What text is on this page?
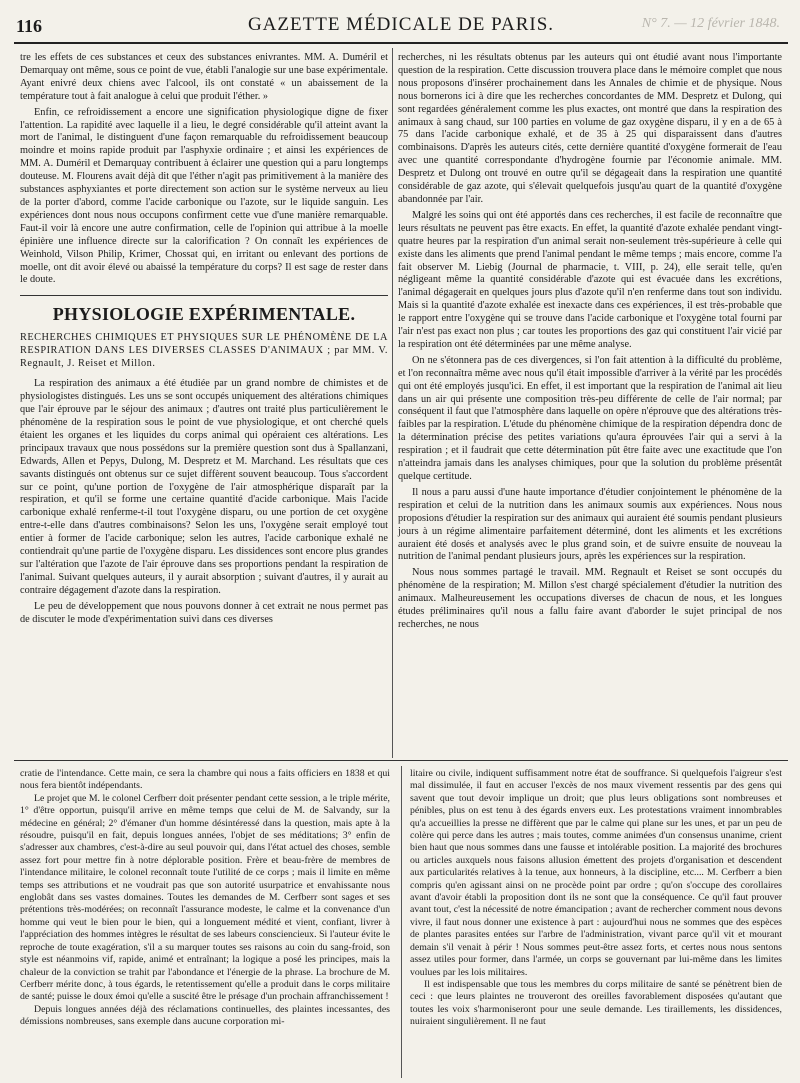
116	GAZETTE MÉDICALE DE PARIS.	N° 7. — 12 février 1848.

tre les effets de ces substances et ceux des substances enivrantes. MM. A. Duméril et Demarquay ont même, sous ce point de vue, établi l'analogie sur une base expérimentale. Ayant enivré deux chiens avec l'alcool, ils ont constaté « un abaissement de la température tout à fait analogue à celui que produit l'éther. »

Enfin, ce refroidissement a encore une signification physiologique digne de fixer l'attention. La rapidité avec laquelle il a lieu, le degré considérable qu'il atteint avant la mort de l'animal, le distinguent d'une façon remarquable du refroidissement beaucoup moindre et moins rapide produit par l'asphyxie ordinaire ; et ainsi les expériences de MM. A. Duméril et Demarquay contribuent à éclairer une question qui a paru longtemps douteuse. M. Flourens avait déjà dit que l'éther n'agit pas primitivement à la manière des substances asphyxiantes et porte directement son action sur le système nerveux au lieu de la porter d'abord, comme l'acide carbonique ou l'azote, sur le liquide sanguin. Les expériences dont nous nous occupons confirment cette vue d'une manière remarquable. Faut-il voir là encore une autre confirmation, celle de l'opinion qui attribue à la moelle épinière une influence directe sur la calorification ? On connaît les expériences de Weinhold, Vilson Philip, Krimer, Chossat qui, en irritant ou enlevant des portions de moelle, ont dit avoir élevé ou abaissé la température du corps? Il est sage de rester dans le doute.

PHYSIOLOGIE EXPÉRIMENTALE.

RECHERCHES CHIMIQUES ET PHYSIQUES SUR LE PHÉNOMÈNE DE LA RESPIRATION DANS LES DIVERSES CLASSES D'ANIMAUX ; par MM. V. Regnault, J. Reiset et Millon.

La respiration des animaux a été étudiée par un grand nombre de chimistes et de physiologistes distingués. Les uns se sont occupés uniquement des altérations chimiques que l'air éprouve par le séjour des animaux ; d'autres ont traité plus particulièrement le phénomène de la respiration sous le point de vue physiologique, et ont cherché quels étaient les organes et les liquides du corps animal qui opéraient ces altérations. Les principaux travaux que nous possédons sur la première question sont dus à Spallanzani, Edwards, Allen et Pepys, Dulong, M. Despretz et M. Marchand. Les résultats que ces savants distingués ont obtenus sur ce sujet diffèrent souvent beaucoup. Tous s'accordent sur ce point, qu'une portion de l'oxygène de l'air atmosphérique disparaît par la respiration, et qu'il se forme une certaine quantité d'acide carbonique. Mais l'acide carbonique exhalé renferme-t-il tout l'oxygène disparu, ou une portion de cet oxygène entre-t-elle dans d'autres combinaisons? Selon les uns, l'oxygène serait employé tout entier à former de l'acide carbonique; selon les autres, l'acide carbonique exhalé ne contiendrait qu'une partie de l'oxygène disparu. Les dissidences sont encore plus grandes sur l'altération que l'azote de l'air éprouve dans ses proportions pendant la respiration de l'animal. Suivant quelques auteurs, il y aurait absorption ; suivant d'autres, il y aurait au contraire dégagement d'azote dans la respiration.

Le peu de développement que nous pouvons donner à cet extrait ne nous permet pas de discuter le mode d'expérimentation suivi dans ces diverses

recherches, ni les résultats obtenus par les auteurs qui ont étudié avant nous l'importante question de la respiration. Cette discussion trouvera place dans le mémoire complet que nous nous proposons d'insérer prochainement dans les Annales de chimie et de physique. Nous nous bornerons ici à dire que les recherches concordantes de MM. Despretz et Dulong, qui sont regardées généralement comme les plus exactes, ont montré que dans la respiration des animaux à sang chaud, sur 100 parties en volume de gaz oxygène disparu, il y en a de 65 à 75 dans l'acide carbonique exhalé, et de 35 à 25 qui disparaissent dans d'autres combinaisons. D'après les auteurs cités, cette dernière quantité d'oxygène formerait de l'eau avec une quantité correspondante d'hydrogène fournie par l'économie animale. MM. Despretz et Dulong ont trouvé en outre qu'il se dégageait dans la respiration une quantité considérable de gaz azote, qui s'élevait quelquefois jusqu'au quart de la quantité d'oxygène abandonnée par l'air.

Malgré les soins qui ont été apportés dans ces recherches, il est facile de reconnaître que leurs résultats ne peuvent pas être exacts. En effet, la quantité d'azote exhalée pendant vingt-quatre heures par la respiration d'un animal serait non-seulement très-supérieure à celle qui existe dans les aliments que prend l'animal pendant le même temps ; mais encore, comme l'a fait observer M. Liebig (Journal de pharmacie, t. VIII, p. 24), elle serait telle, qu'en négligeant même la quantité considérable d'azote qui est évacuée dans les excrétions, l'animal dégagerait en quelques jours plus d'azote qu'il n'en renferme dans tout son individu. Mais si la quantité d'azote exhalée est inexacte dans ces expériences, il est très-probable que le rapport entre l'oxygène qui se trouve dans l'acide carbonique et l'oxygène total fourni par l'air n'est pas exact non plus ; car toutes les proportions des gaz qui constituent l'air vicié par la respiration ont été déterminées par une même analyse.

On ne s'étonnera pas de ces divergences, si l'on fait attention à la difficulté du problème, et l'on reconnaîtra même avec nous qu'il était impossible d'arriver à la vérité par les procédés qui ont été employés jusqu'ici. En effet, il est important que la respiration de l'animal ait lieu dans un air qui présente une composition très-peu différente de celle de l'air normal; par conséquent il faut que l'atmosphère dans laquelle on opère n'éprouve que des altérations très-faibles par la respiration. L'étude du phénomène chimique de la respiration dépendra donc de la détermination précise des petites variations qu'aura éprouvées l'air qui a servi à la respiration ; et il faudrait que cette détermination pût être faite avec une exactitude que l'on n'atteindra jamais dans les analyses chimiques, pour que la solution du problème présentât quelque certitude.

Il nous a paru aussi d'une haute importance d'étudier conjointement le phénomène de la respiration et celui de la nutrition dans les animaux soumis aux expériences. Nous nous proposions d'étudier la respiration sur des animaux qui auraient été soumis pendant plusieurs jours à un régime alimentaire parfaitement déterminé, dont les aliments et les excrétions auraient été dosés et analysés avec le plus grand soin, et de suivre ensuite de nouveau la nutrition de l'animal pendant plusieurs jours, après les expériences sur la respiration.

Nous nous sommes partagé le travail. MM. Regnault et Reiset se sont occupés du phénomène de la respiration; M. Millon s'est chargé spécialement d'étudier la nutrition des animaux. Malheureusement les occupations diverses de chacun de nous, et les longues études préliminaires qu'il nous a fallu faire avant d'aborder le sujet principal de nos recherches, ne nous

cratie de l'intendance. Cette main, ce sera la chambre qui nous a faits officiers en 1838 et qui nous fera bientôt indépendants.

Le projet que M. le colonel Cerfberr doit présenter pendant cette session, a le triple mérite, 1° d'être opportun, puisqu'il arrive en même temps que celui de M. de Salvandy, sur la médecine en général; 2° d'émaner d'un homme désintéressé dans la question, mais apte à la résoudre, puisqu'il en fait, depuis longues années, l'objet de ses méditations; 3° enfin de s'adresser aux chambres, c'est-à-dire au seul pouvoir qui, dans l'état actuel des choses, semble assez fort pour mettre fin à notre déplorable position. Frère et beau-frère de membres de l'intendance militaire, le colonel reconnaît toute l'utilité de ce corps ; mais il limite en même temps ses attributions et ne voudrait pas que son autorité usurpatrice et envahissante nous englobât dans ses vastes domaines. Toutes les demandes de M. Cerfberr sont sages et ses prétentions très-modérées; on reconnaît l'assurance modeste, le calme et la convenance d'un homme qui veut le bien pour le bien, qui a longuement médité et vient, confiant, livrer à l'appréciation des hommes intègres le résultat de ses labeurs consciencieux. Si l'auteur évite le reproche de toute exagération, s'il a su marquer toutes ses raisons au coin du sang-froid, son style est néanmoins vif, rapide, animé et entraînant; la logique a posé les principes, mais la chaleur de la conviction se trahit par l'abondance et l'énergie de la phrase. La brochure de M. Cerfberr mérite donc, à tous égards, le retentissement qu'elle a produit dans le corps militaire de santé; puisse le doux émoi qu'elle a suscité être le présage d'un prochain affranchissement !

Depuis longues années déjà des réclamations continuelles, des plaintes incessantes, des démissions nombreuses, sans exemple dans aucune corporation mi-

litaire ou civile, indiquent suffisamment notre état de souffrance. Si quelquefois l'aigreur s'est mal dissimulée, il faut en accuser l'excès de nos maux vivement ressentis par des gens qui savent que tout devoir implique un droit; que plus leurs obligations sont nombreuses et pénibles, plus on est tenu à des égards envers eux. Les protestations vraiment innombrables qu'a accueillies la presse ne diffèrent que par le calme qui plane sur les unes, et par un peu de colère qui perce dans les autres ; mais toutes, comme animées d'un consensus unanime, crient bien haut que nous sommes dans une fausse et intolérable position. La majorité des brochures ou articles auxquels nous faisons allusion émettent des projets d'organisation et descendent aux particularités relatives à la tenue, aux honneurs, à la discipline, etc.... M. Cerfberr a bien compris qu'en agissant ainsi on ne procède point par ordre ; qu'on s'occupe des corollaires avant d'avoir établi la proposition dont ils ne sont que la conséquence. Ce qu'il faut prouver avant tout, c'est la nécessité de notre émancipation ; avant de rechercher comment nous devons vivre, il faut nous donner une existence à part : aujourd'hui nous ne sommes que des espèces de plantes parasites entées sur l'arbre de l'administration, vivant parce qu'il vit et mourant demain s'il venait à périr ! Nous sommes peut-être assez forts, et certes nous nous sentons assez utiles pour former, dans l'armée, un corps se gouvernant par lui-même dans les limites voulues par les lois militaires.

Il est indispensable que tous les membres du corps militaire de santé se pénètrent bien de ceci : que leurs plaintes ne trouveront des oreilles favorablement disposées qu'autant que toutes les voix s'harmoniseront pour une seule demande. Les tiraillements, les dissidences, nuiraient singulièrement. Il ne faut
